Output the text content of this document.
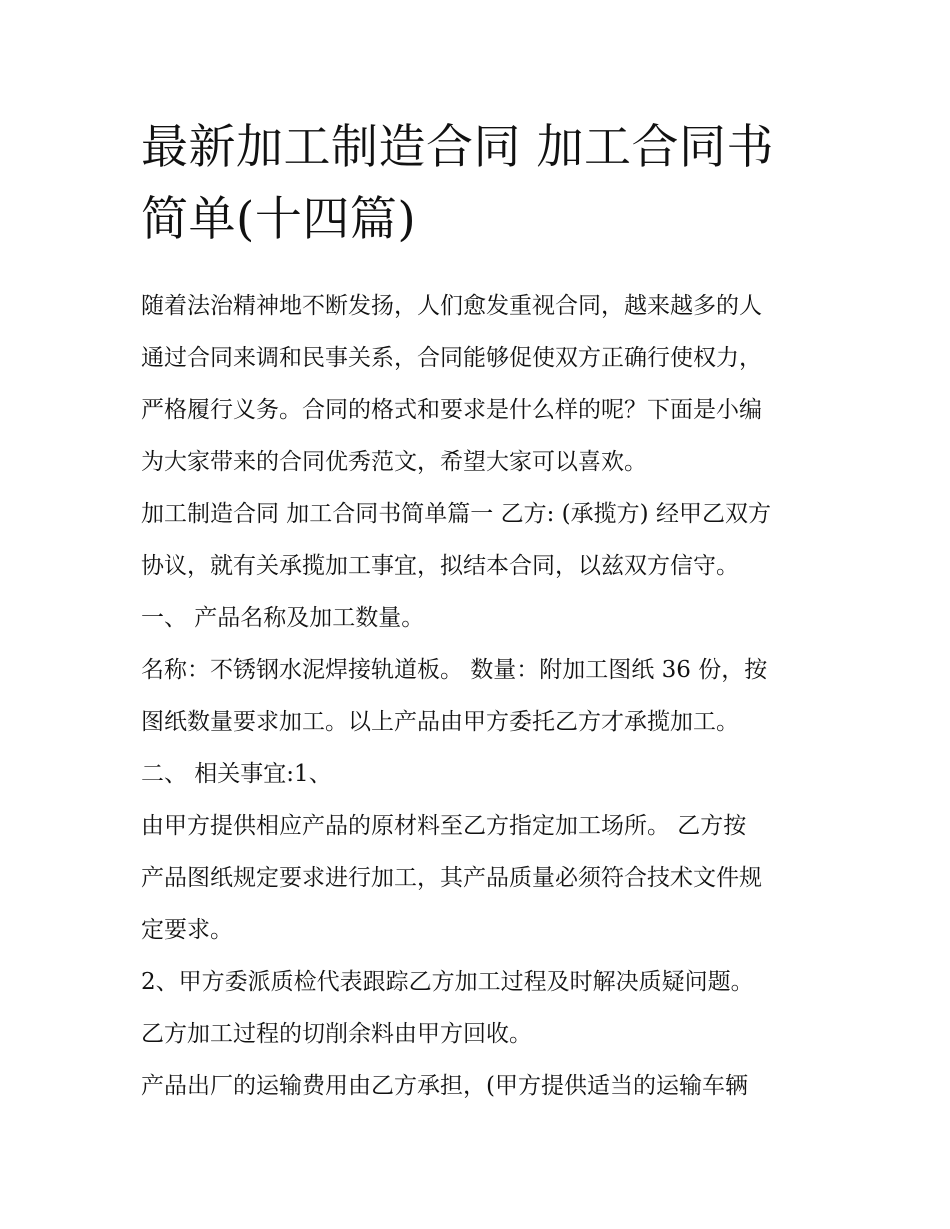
最新加工制造合同 加工合同书
简单(十四篇)
随着法治精神地不断发扬，人们愈发重视合同，越来越多的人
通过合同来调和民事关系，合同能够促使双方正确行使权力，
严格履行义务。合同的格式和要求是什么样的呢？下面是小编
为大家带来的合同优秀范文，希望大家可以喜欢。
加工制造合同 加工合同书简单篇一 乙方: (承揽方) 经甲乙双方
协议，就有关承揽加工事宜，拟结本合同，以兹双方信守。
一、 产品名称及加工数量。
名称：不锈钢水泥焊接轨道板。 数量：附加工图纸 36 份，按
图纸数量要求加工。以上产品由甲方委托乙方才承揽加工。
二、 相关事宜:1、
由甲方提供相应产品的原材料至乙方指定加工场所。 乙方按
产品图纸规定要求进行加工，其产品质量必须符合技术文件规
定要求。
2、甲方委派质检代表跟踪乙方加工过程及时解决质疑问题。
乙方加工过程的切削余料由甲方回收。
产品出厂的运输费用由乙方承担，(甲方提供适当的运输车辆
